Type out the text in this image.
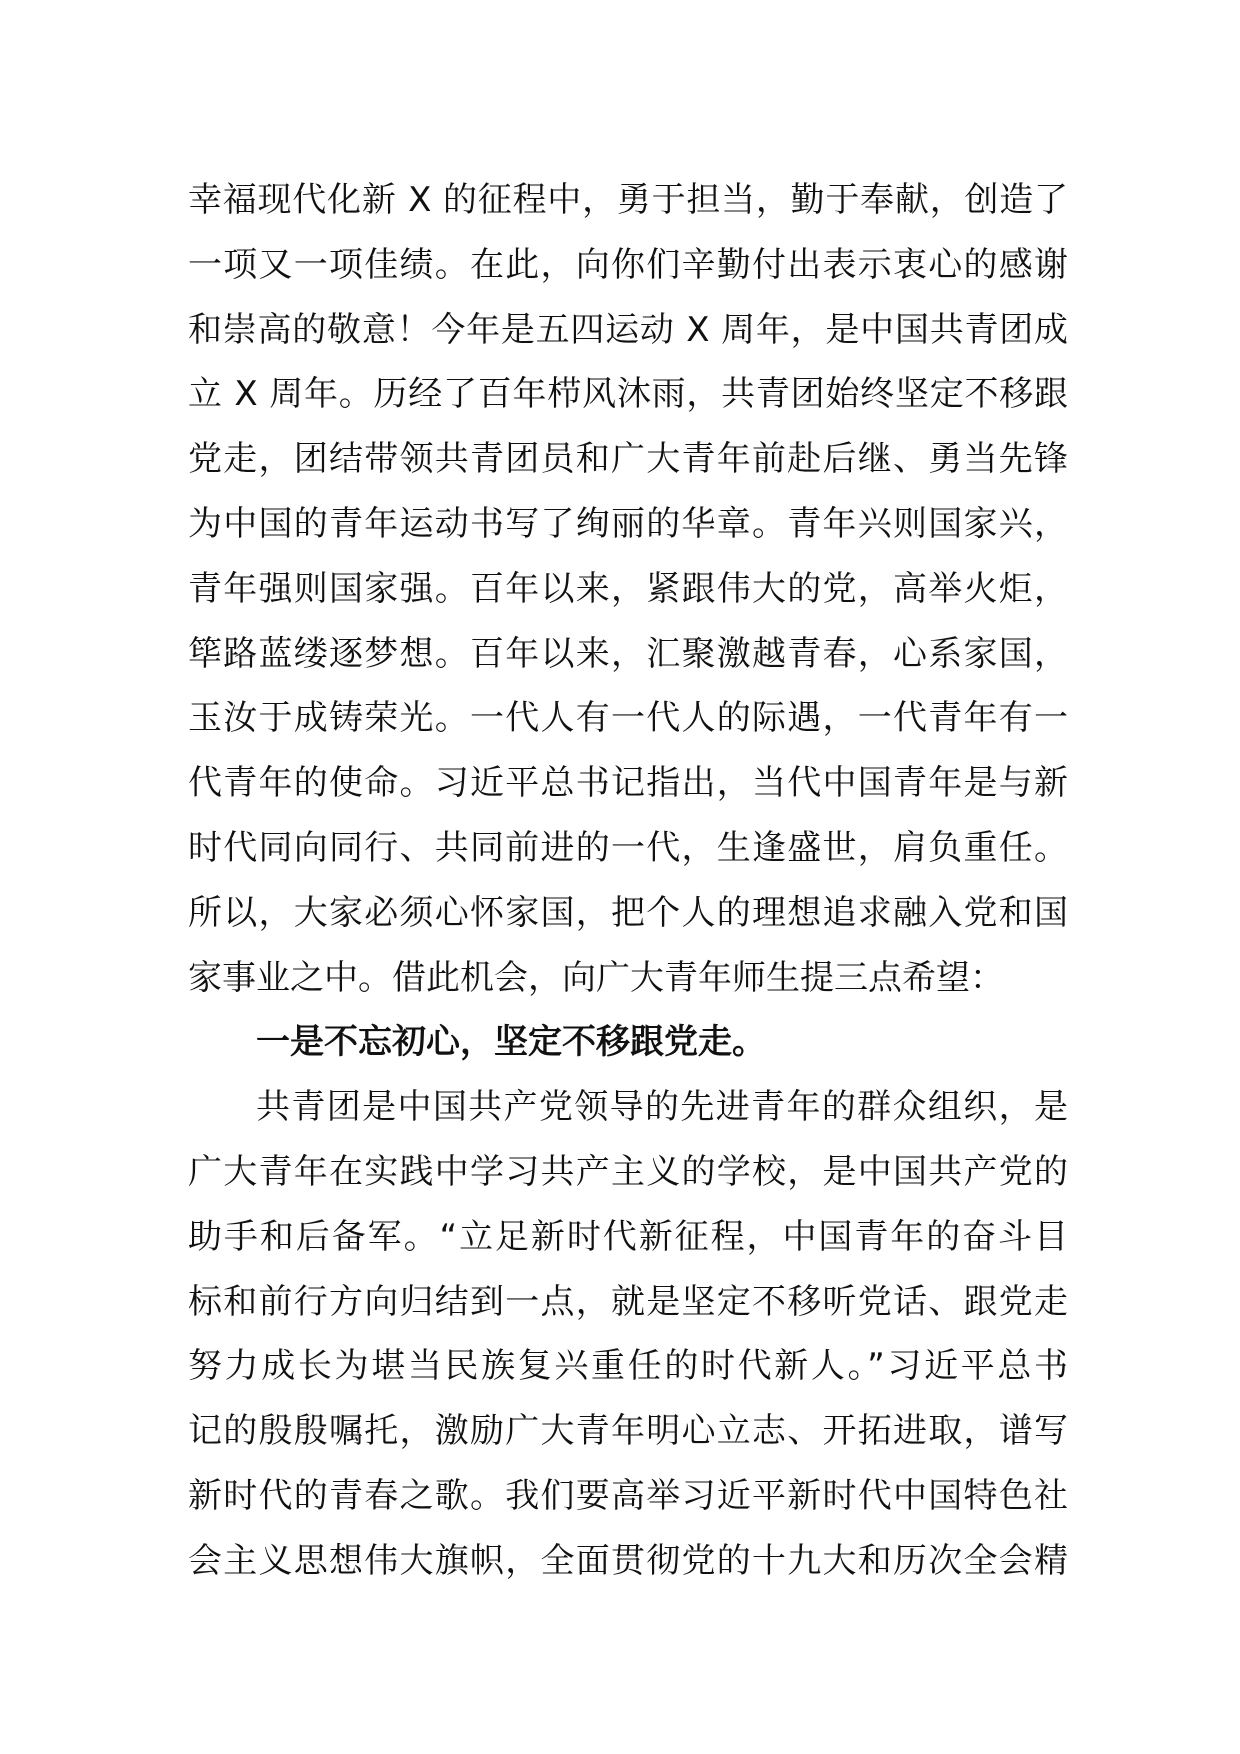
幸福现代化新 X 的征程中，勇于担当，勤于奉献，创造了
一项又一项佳绩。在此，向你们辛勤付出表示衷心的感谢
和崇高的敬意！今年是五四运动 X 周年，是中国共青团成
立 X 周年。历经了百年栉风沐雨，共青团始终坚定不移跟
党走，团结带领共青团员和广大青年前赴后继、勇当先锋
为中国的青年运动书写了绚丽的华章。青年兴则国家兴，
青年强则国家强。百年以来，紧跟伟大的党，高举火炬，
筚路蓝缕逐梦想。百年以来，汇聚激越青春，心系家国，
玉汝于成铸荣光。一代人有一代人的际遇，一代青年有一
代青年的使命。习近平总书记指出，当代中国青年是与新
时代同向同行、共同前进的一代，生逢盛世，肩负重任。
所以，大家必须心怀家国，把个人的理想追求融入党和国
家事业之中。借此机会，向广大青年师生提三点希望：
一是不忘初心，坚定不移跟党走。
共青团是中国共产党领导的先进青年的群众组织，是
广大青年在实践中学习共产主义的学校，是中国共产党的
助手和后备军。“立足新时代新征程，中国青年的奋斗目
标和前行方向归结到一点，就是坚定不移听党话、跟党走
努力成长为堪当民族复兴重任的时代新人。”习近平总书
记的殷殷嘱托，激励广大青年明心立志、开拓进取，谱写
新时代的青春之歌。我们要高举习近平新时代中国特色社
会主义思想伟大旗帜，全面贯彻党的十九大和历次全会精
